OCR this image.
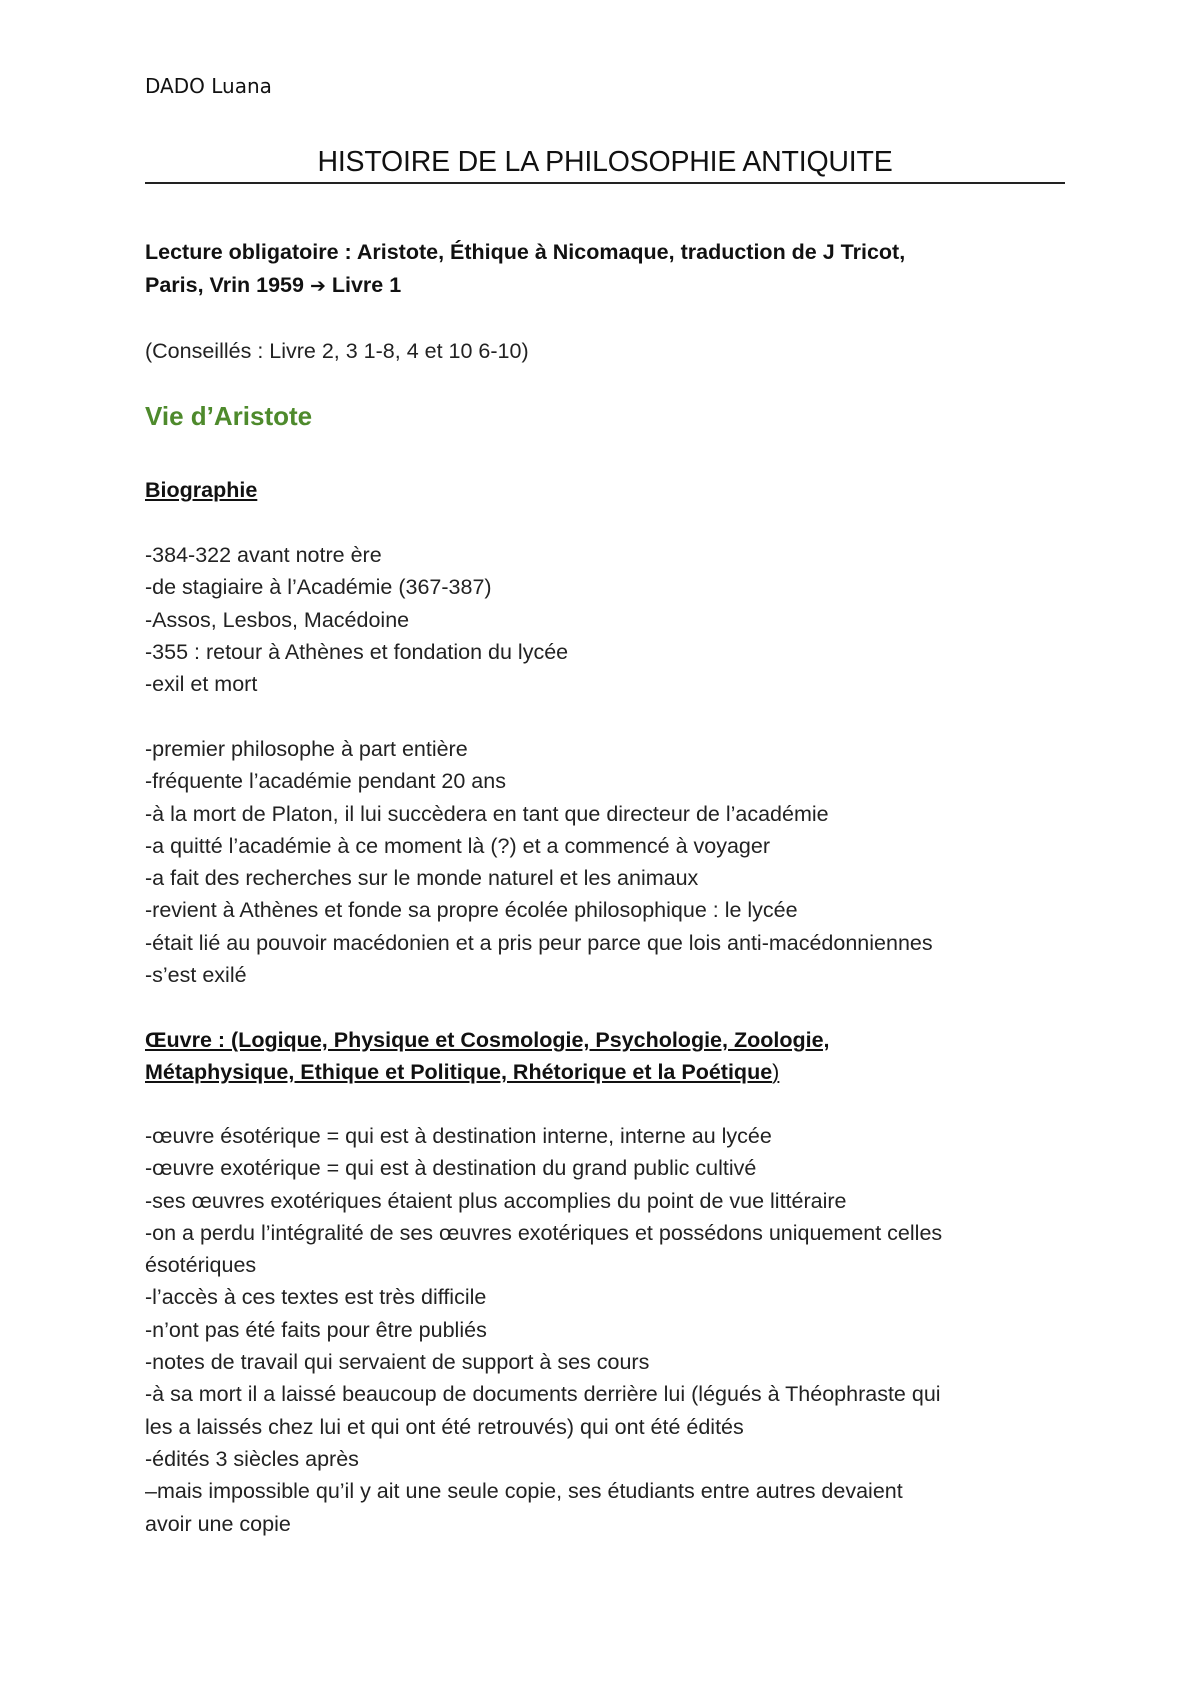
DADO Luana
HISTOIRE DE LA PHILOSOPHIE ANTIQUITE
Lecture obligatoire : Aristote, Éthique à Nicomaque, traduction de J Tricot,
Paris, Vrin 1959 ➔ Livre 1
(Conseillés : Livre 2, 3 1-8, 4 et 10 6-10)
Vie d’Aristote
Biographie
-384-322 avant notre ère
-de stagiaire à l’Académie (367-387)
-Assos, Lesbos, Macédoine
-355 : retour à Athènes et fondation du lycée
-exil et mort
-premier philosophe à part entière
-fréquente l’académie pendant 20 ans
-à la mort de Platon, il lui succèdera en tant que directeur de l’académie
-a quitté l’académie à ce moment là (?) et a commencé à voyager
-a fait des recherches sur le monde naturel et les animaux
-revient à Athènes et fonde sa propre écolée philosophique : le lycée
-était lié au pouvoir macédonien et a pris peur parce que lois anti-macédonniennes
-s’est exilé
Œuvre : (Logique, Physique et Cosmologie, Psychologie, Zoologie,
Métaphysique, Ethique et Politique, Rhétorique et la Poétique)
-œuvre ésotérique = qui est à destination interne, interne au lycée
-œuvre exotérique = qui est à destination du grand public cultivé
-ses œuvres exotériques étaient plus accomplies du point de vue littéraire
-on a perdu l’intégralité de ses œuvres exotériques et possédons uniquement celles
ésotériques
-l’accès à ces textes est très difficile
-n’ont pas été faits pour être publiés
-notes de travail qui servaient de support à ses cours
-à sa mort il a laissé beaucoup de documents derrière lui (légués à Théophraste qui
les a laissés chez lui et qui ont été retrouvés) qui ont été édités
-édités 3 siècles après
–mais impossible qu’il y ait une seule copie, ses étudiants entre autres devaient
avoir une copie
